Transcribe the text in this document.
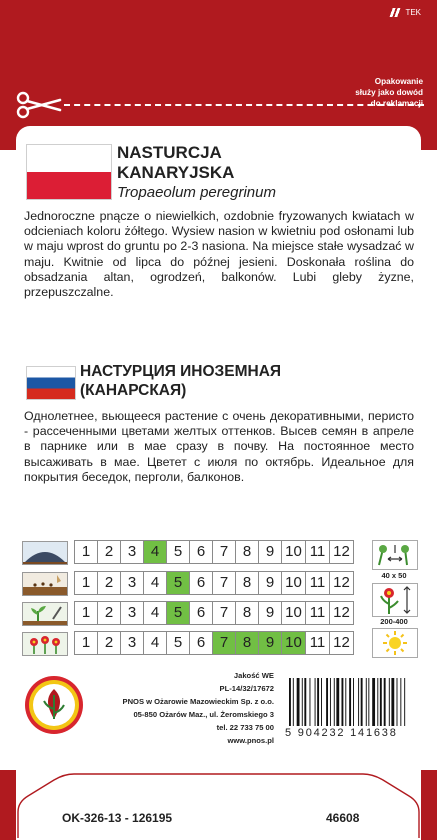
TEK
Opakowanie
służy jako dowód
do reklamacji
NASTURCJA
KANARYJSKA
Tropaeolum peregrinum
Jednoroczne pnącze o niewielkich, ozdobnie fryzowanych kwiatach w odcieniach koloru żółtego. Wysiew nasion w kwietniu pod osłonami lub w maju wprost do gruntu po 2-3 nasiona. Na miejsce stałe wysadzać w maju. Kwitnie od lipca do późnej jesieni. Doskonała roślina do obsadzania altan, ogrodzeń, balkonów. Lubi gleby żyzne, przepuszczalne.
НАСТУРЦИЯ ИНОЗЕМНАЯ
(КАНАРСКАЯ)
Однолетнее, вьющееся растение с очень декоративными, перисто - рассеченными цветами желтых оттенков. Высев семян в апреле в парнике или в мае сразу в почву. На постоянное место высаживать в мае. Цветет с июля по октябрь. Идеальное для покрытия беседок, перголи, балконов.
1 2 3 4 5 6 7 8 9 10 11 12
1 2 3 4 5 6 7 8 9 10 11 12
1 2 3 4 5 6 7 8 9 10 11 12
1 2 3 4 5 6 7 8 9 10 11 12
40 x 50
200-400
Jakość WE
PL-14/32/17672
PNOS w Ożarowie Mazowieckim Sp. z o.o.
05-850 Ożarów Maz., ul. Żeromskiego 3
tel. 22 733 75 00
www.pnos.pl
5 904232 141638
OK-326-13 - 126195	46608
